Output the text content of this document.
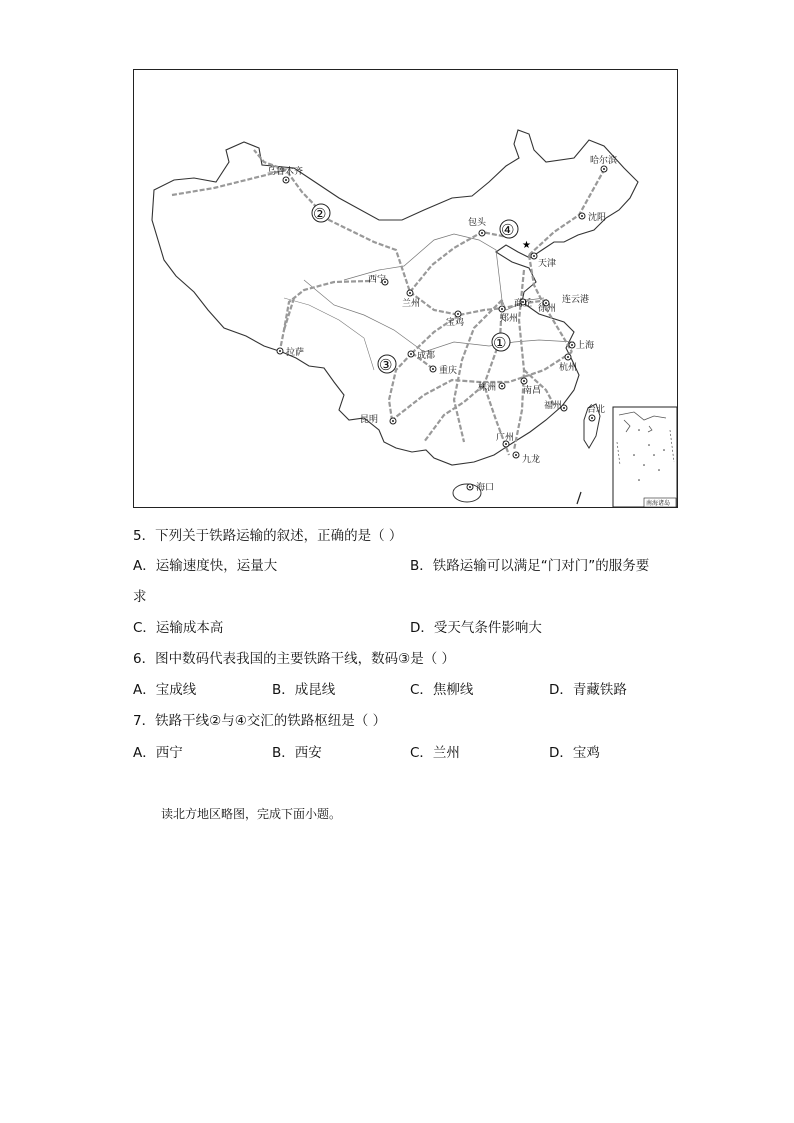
乌鲁木齐
哈尔滨
沈阳
包头
天津
★
西宁
兰州
宝鸡	郑州
商丘 徐州
连云港
拉萨	成都
重庆
上海
杭州
株洲	南昌
福州	台北
昆明
广州
九龙
海口
①
②
③
④
南海诸岛
5．下列关于铁路运输的叙述，正确的是（ ）
A．运输速度快，运量大	B．铁路运输可以满足“门对门”的服务要
求
C．运输成本高	D．受天气条件影响大
6．图中数码代表我国的主要铁路干线，数码③是（ ）
A．宝成线	B．成昆线	C．焦柳线	D．青藏铁路
7．铁路干线②与④交汇的铁路枢纽是（ ）
A．西宁	B．西安	C．兰州	D．宝鸡
读北方地区略图，完成下面小题。
